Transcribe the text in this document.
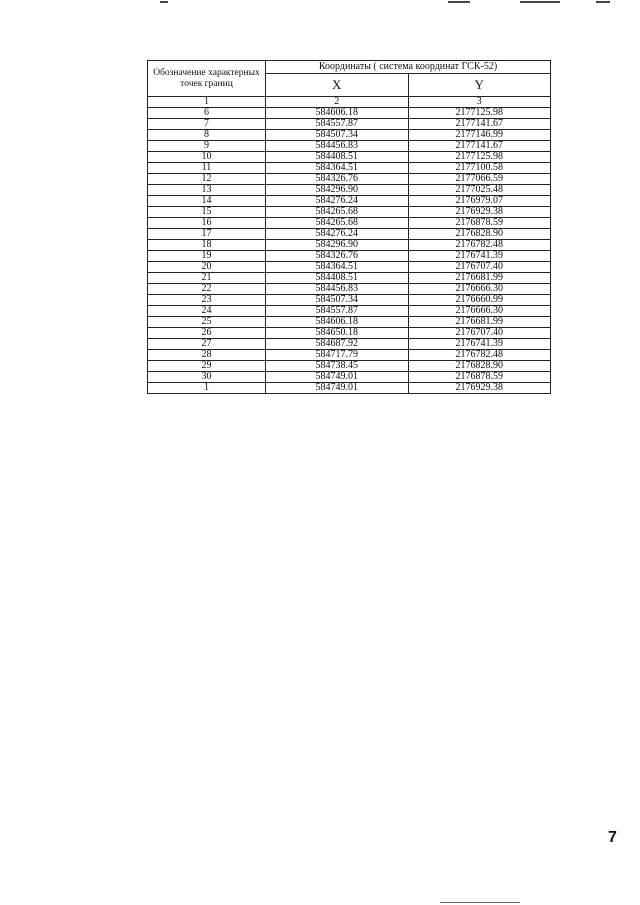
Обозначение характерных точек границ	Координаты ( система координат ГСК-52)	
	X	Y
1	2	3
6	584606.18	2177125.98
7	584557.87	2177141.67
8	584507.34	2177146.99
9	584456.83	2177141.67
10	584408.51	2177125.98
11	584364.51	2177100.58
12	584326.76	2177066.59
13	584296.90	2177025.48
14	584276.24	2176979.07
15	584265.68	2176929.38
16	584265.68	2176878.59
17	584276.24	2176828.90
18	584296.90	2176782.48
19	584326.76	2176741.39
20	584364.51	2176707.40
21	584408.51	2176681.99
22	584456.83	2176666.30
23	584507.34	2176660.99
24	584557.87	2176666.30
25	584606.18	2176681.99
26	584650.18	2176707.40
27	584687.92	2176741.39
28	584717.79	2176782.48
29	584738.45	2176828.90
30	584749.01	2176878.59
1	584749.01	2176929.38
7
